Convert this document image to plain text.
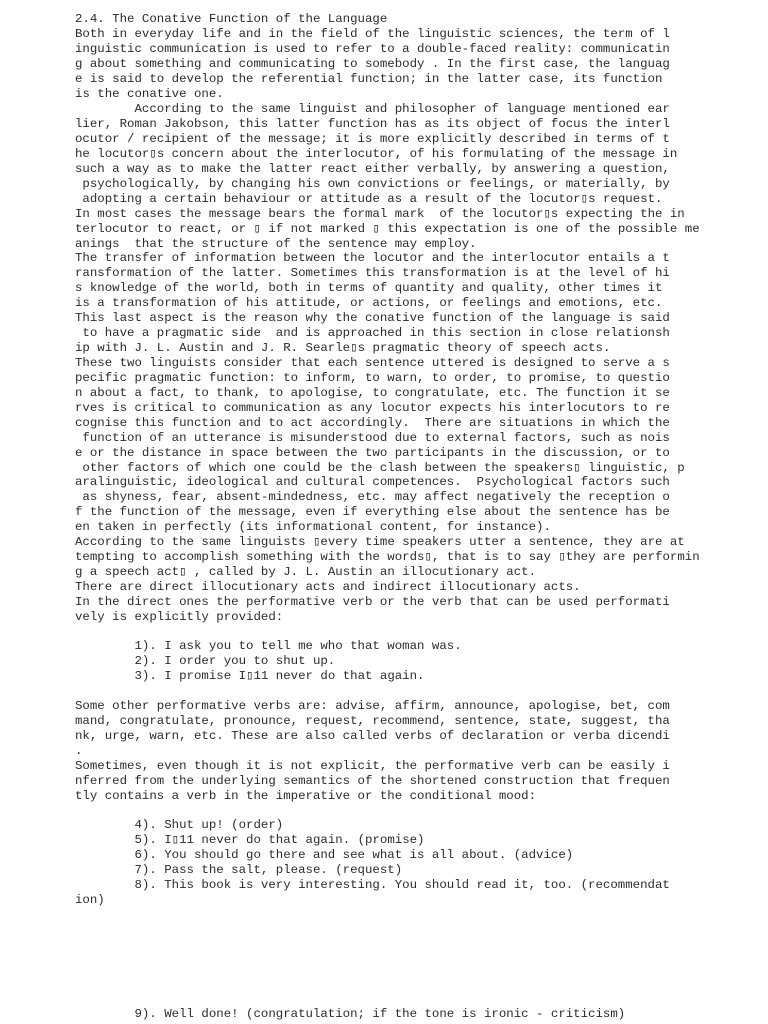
2.4. The Conative Function of the Language
Both in everyday life and in the field of the linguistic sciences, the term of l
inguistic communication is used to refer to a double-faced reality: communicatin
g about something and communicating to somebody . In the first case, the languag
e is said to develop the referential function; in the latter case, its function
is the conative one.
According to the same linguist and philosopher of language mentioned ear
lier, Roman Jakobson, this latter function has as its object of focus the interl
ocutor / recipient of the message; it is more explicitly described in terms of t
he locutor▯s concern about the interlocutor, of his formulating of the message in
such a way as to make the latter react either verbally, by answering a question,
psychologically, by changing his own convictions or feelings, or materially, by
adopting a certain behaviour or attitude as a result of the locutor▯s request.
In most cases the message bears the formal mark  of the locutor▯s expecting the in
terlocutor to react, or ▯ if not marked ▯ this expectation is one of the possible me
anings  that the structure of the sentence may employ.
The transfer of information between the locutor and the interlocutor entails a t
ransformation of the latter. Sometimes this transformation is at the level of hi
s knowledge of the world, both in terms of quantity and quality, other times it
is a transformation of his attitude, or actions, or feelings and emotions, etc.
This last aspect is the reason why the conative function of the language is said
to have a pragmatic side  and is approached in this section in close relationsh
ip with J. L. Austin and J. R. Searle▯s pragmatic theory of speech acts.
These two linguists consider that each sentence uttered is designed to serve a s
pecific pragmatic function: to inform, to warn, to order, to promise, to questio
n about a fact, to thank, to apologise, to congratulate, etc. The function it se
rves is critical to communication as any locutor expects his interlocutors to re
cognise this function and to act accordingly.  There are situations in which the
function of an utterance is misunderstood due to external factors, such as nois
e or the distance in space between the two participants in the discussion, or to
other factors of which one could be the clash between the speakers▯ linguistic, p
aralinguistic, ideological and cultural competences.  Psychological factors such
as shyness, fear, absent-mindedness, etc. may affect negatively the reception o
f the function of the message, even if everything else about the sentence has be
en taken in perfectly (its informational content, for instance).
According to the same linguists ▯every time speakers utter a sentence, they are at
tempting to accomplish something with the words▯, that is to say ▯they are performin
g a speech act▯ , called by J. L. Austin an illocutionary act.
There are direct illocutionary acts and indirect illocutionary acts.
In the direct ones the performative verb or the verb that can be used performati
vely is explicitly provided:
1). I ask you to tell me who that woman was.
2). I order you to shut up.
3). I promise I▯11 never do that again.
Some other performative verbs are: advise, affirm, announce, apologise, bet, com
mand, congratulate, pronounce, request, recommend, sentence, state, suggest, tha
nk, urge, warn, etc. These are also called verbs of declaration or verba dicendi
.
Sometimes, even though it is not explicit, the performative verb can be easily i
nferred from the underlying semantics of the shortened construction that frequen
tly contains a verb in the imperative or the conditional mood:
4). Shut up! (order)
5). I▯11 never do that again. (promise)
6). You should go there and see what is all about. (advice)
7). Pass the salt, please. (request)
8). This book is very interesting. You should read it, too. (recommendat
ion)
9). Well done! (congratulation; if the tone is ironic - criticism)
